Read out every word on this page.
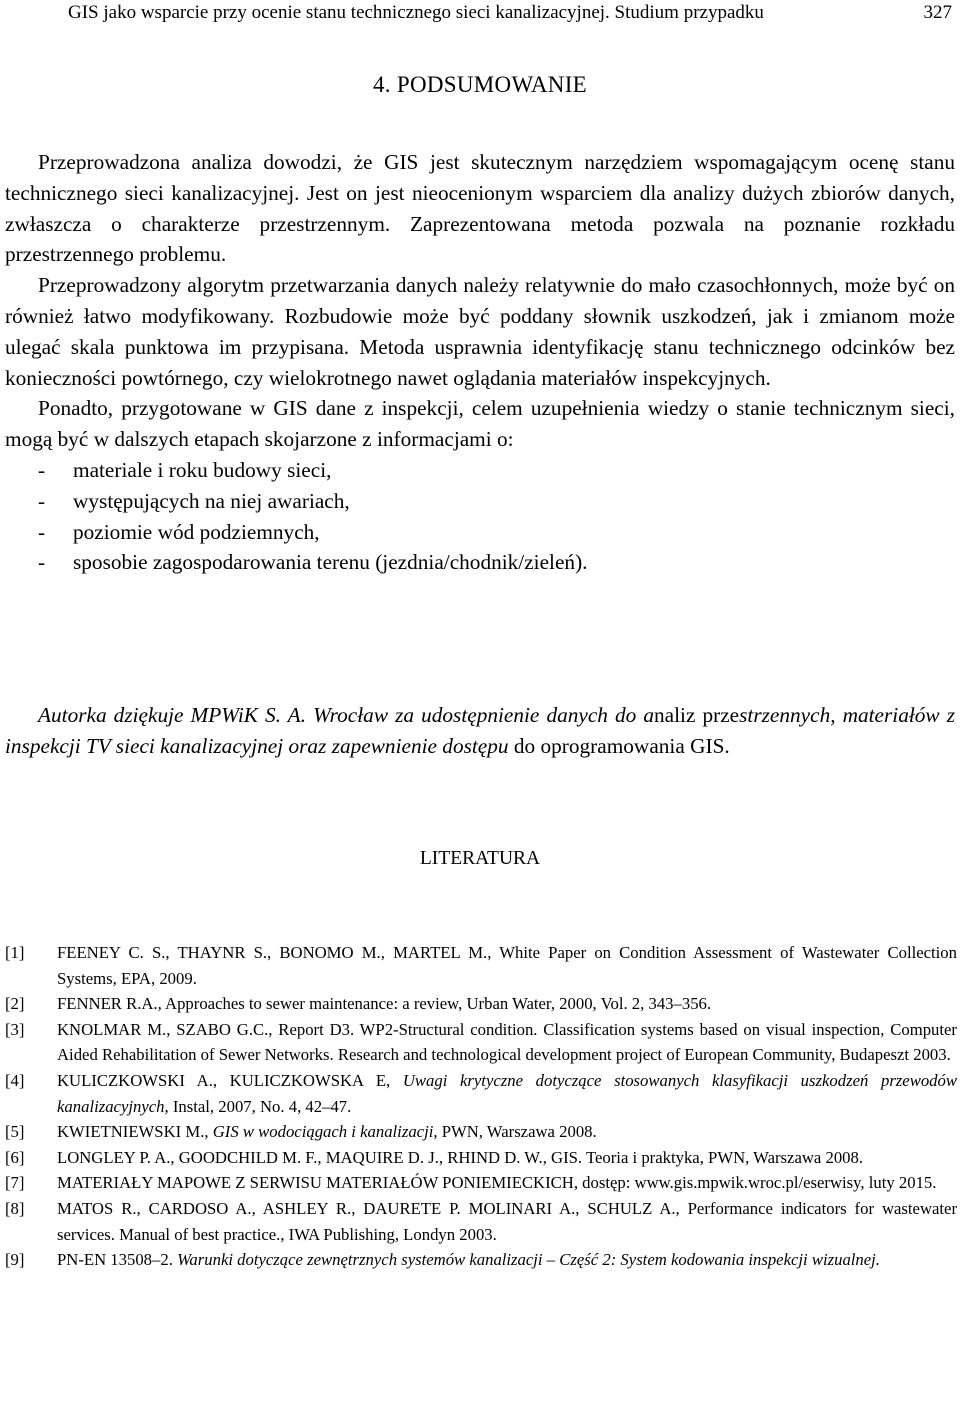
GIS jako wsparcie przy ocenie stanu technicznego sieci kanalizacyjnej. Studium przypadku	327
4. PODSUMOWANIE

Przeprowadzona analiza dowodzi, że GIS jest skutecznym narzędziem wspomagającym ocenę stanu technicznego sieci kanalizacyjnej. Jest on jest nieocenionym wsparciem dla analizy dużych zbiorów danych, zwłaszcza o charakterze przestrzennym. Zaprezentowana metoda pozwala na poznanie rozkładu przestrzennego problemu.

Przeprowadzony algorytm przetwarzania danych należy relatywnie do mało czasochłonnych, może być on również łatwo modyfikowany. Rozbudowie może być poddany słownik uszkodzeń, jak i zmianom może ulegać skala punktowa im przypisana. Metoda usprawnia identyfikację stanu technicznego odcinków bez konieczności powtórnego, czy wielokrotnego nawet oglądania materiałów inspekcyjnych.

Ponadto, przygotowane w GIS dane z inspekcji, celem uzupełnienia wiedzy o stanie technicznym sieci, mogą być w dalszych etapach skojarzone z informacjami o:

- materiale i roku budowy sieci,
- występujących na niej awariach,
- poziomie wód podziemnych,
- sposobie zagospodarowania terenu (jezdnia/chodnik/zieleń).

Autorka dziękuje MPWiK S. A. Wrocław za udostępnienie danych do analiz przestrzennych, materiałów z inspekcji TV sieci kanalizacyjnej oraz zapewnienie dostępu do oprogramowania GIS.

LITERATURA

[1] FEENEY C. S., THAYNR S., BONOMO M., MARTEL M., White Paper on Condition Assessment of Wastewater Collection Systems, EPA, 2009.

[2] FENNER R.A., Approaches to sewer maintenance: a review, Urban Water, 2000, Vol. 2, 343–356.

[3] KNOLMAR M., SZABO G.C., Report D3. WP2-Structural condition. Classification systems based on visual inspection, Computer Aided Rehabilitation of Sewer Networks. Research and technological development project of European Community, Budapeszt 2003.

[4] KULICZKOWSKI A., KULICZKOWSKA E, Uwagi krytyczne dotyczące stosowanych klasyfikacji uszkodzeń przewodów kanalizacyjnych, Instal, 2007, No. 4, 42–47.

[5] KWIETNIEWSKI M., GIS w wodociągach i kanalizacji, PWN, Warszawa 2008.

[6] LONGLEY P. A., GOODCHILD M. F., MAQUIRE D. J., RHIND D. W., GIS. Teoria i praktyka, PWN, Warszawa 2008.

[7] MATERIAŁY MAPOWE Z SERWISU MATERIAŁÓW PONIEMIECKICH, dostęp: www.gis.mpwik.wroc.pl/eserwisy, luty 2015.

[8] MATOS R., CARDOSO A., ASHLEY R., DAURETE P. MOLINARI A., SCHULZ A., Performance indicators for wastewater services. Manual of best practice., IWA Publishing, Londyn 2003.

[9] PN-EN 13508–2. Warunki dotyczące zewnętrznych systemów kanalizacji – Część 2: System kodowania inspekcji wizualnej.
